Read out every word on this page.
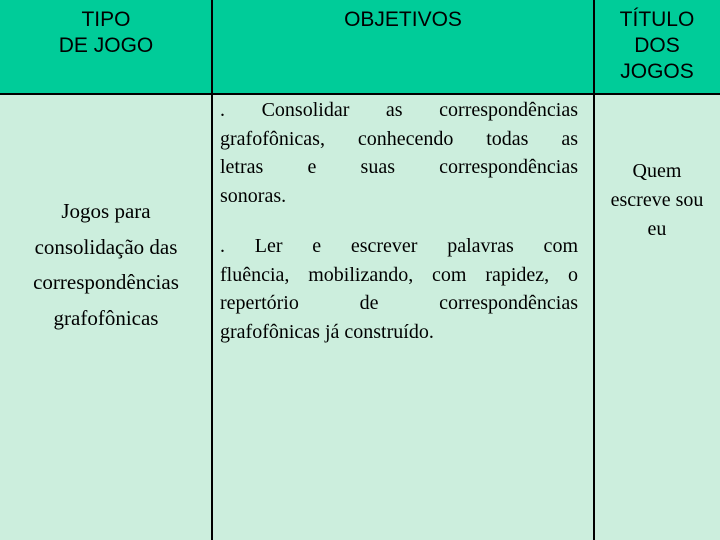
TIPO
DE JOGO
OBJETIVOS	TÍTULO
DOS
JOGOS
Jogos para
consolidação das
correspondências
grafofônicas
. Consolidar as correspondências
grafofônicas, conhecendo todas as
letras e suas correspondências
sonoras.
. Ler e escrever palavras com
fluência, mobilizando, com rapidez, o
repertório de correspondências
grafofônicas já construído.
Quem
escreve sou
eu
